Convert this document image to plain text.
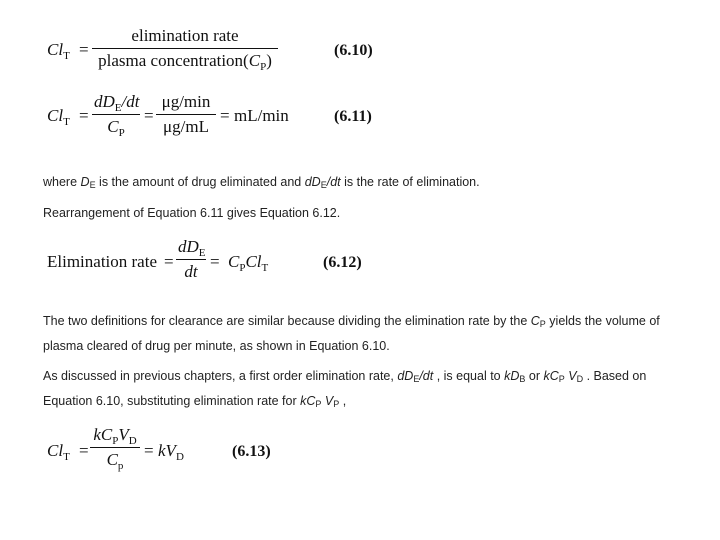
$Cl_T$ =
elimination rate
plasma $concentration(C_P)$
(6.10)
$Cl_T$ =
$dD_E/dt$
$C_P$
=
μg/min
μg/mL
= mL/min	(6.11)
where DE is the amount of drug eliminated and dDE/dt is the rate of elimination.
Rearrangement of Equation 6.11 gives Equation 6.12.
Elimination rate =
$dD_E$
dt
= $C_PCl_T$	(6.12)
The two definitions for clearance are similar because dividing the elimination rate by the CP yields the volume of
plasma cleared of drug per minute, as shown in Equation 6.10.
As discussed in previous chapters, a first order elimination rate, dDE/dt , is equal to kDB or kCP VD . Based on
Equation 6.10, substituting elimination rate for kCP VP ,
$Cl_T$ =
$kC_PV_D$
$C_p$
= $kV_D$	(6.13)
